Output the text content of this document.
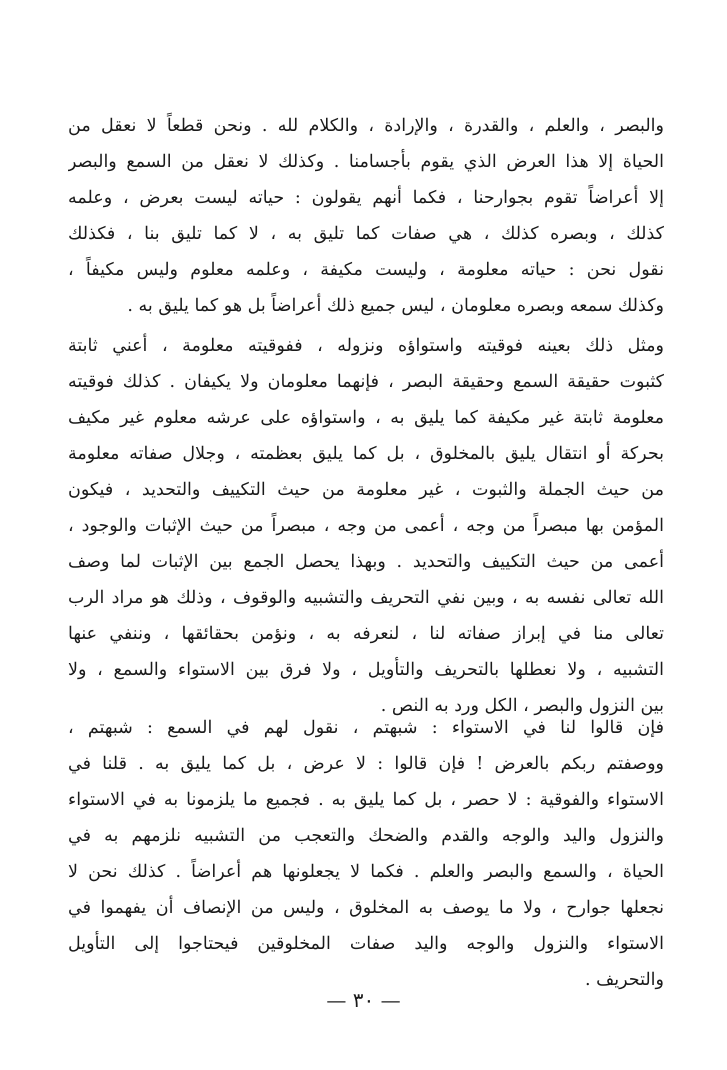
والبصر ، والعلم ، والقدرة ، والإرادة ، والكلام لله . ونحن قطعاً لا نعقل من
الحياة إلا هذا العرض الذي يقوم بأجسامنا . وكذلك لا نعقل من السمع والبصر
إلا أعراضاً تقوم بجوارحنا ، فكما أنهم يقولون : حياته ليست بعرض ، وعلمه
كذلك ، وبصره كذلك ، هي صفات كما تليق به ، لا كما تليق بنا ، فكذلك
نقول نحن : حياته معلومة ، وليست مكيفة ، وعلمه معلوم وليس مكيفاً ،
وكذلك سمعه وبصره معلومان ، ليس جميع ذلك أعراضاً بل هو كما يليق به .
ومثل ذلك بعينه فوقيته واستواؤه ونزوله ، ففوقيته معلومة ، أعني ثابتة
كثبوت حقيقة السمع وحقيقة البصر ، فإنهما معلومان ولا يكيفان . كذلك فوقيته
معلومة ثابتة غير مكيفة كما يليق به ، واستواؤه على عرشه معلوم غير مكيف
بحركة أو انتقال يليق بالمخلوق ، بل كما يليق بعظمته ، وجلال صفاته معلومة
من حيث الجملة والثبوت ، غير معلومة من حيث التكييف والتحديد ، فيكون
المؤمن بها مبصراً من وجه ، أعمى من وجه ، مبصراً من حيث الإثبات والوجود ،
أعمى من حيث التكييف والتحديد . وبهذا يحصل الجمع بين الإثبات لما وصف
الله تعالى نفسه به ، وبين نفي التحريف والتشبيه والوقوف ، وذلك هو مراد الرب
تعالى منا في إبراز صفاته لنا ، لنعرفه به ، ونؤمن بحقائقها ، وننفي عنها
التشبيه ، ولا نعطلها بالتحريف والتأويل ، ولا فرق بين الاستواء والسمع ، ولا
بين النزول والبصر ، الكل ورد به النص .
فإن قالوا لنا في الاستواء : شبهتم ، نقول لهم في السمع : شبهتم ،
ووصفتم ربكم بالعرض ! فإن قالوا : لا عرض ، بل كما يليق به . قلنا في
الاستواء والفوقية : لا حصر ، بل كما يليق به . فجميع ما يلزمونا به في الاستواء
والنزول واليد والوجه والقدم والضحك والتعجب من التشبيه نلزمهم به في
الحياة ، والسمع والبصر والعلم . فكما لا يجعلونها هم أعراضاً . كذلك نحن لا
نجعلها جوارح ، ولا ما يوصف به المخلوق ، وليس من الإنصاف أن يفهموا في
الاستواء والنزول والوجه واليد صفات المخلوقين فيحتاجوا إلى التأويل
والتحريف .
— ٣٠ —
